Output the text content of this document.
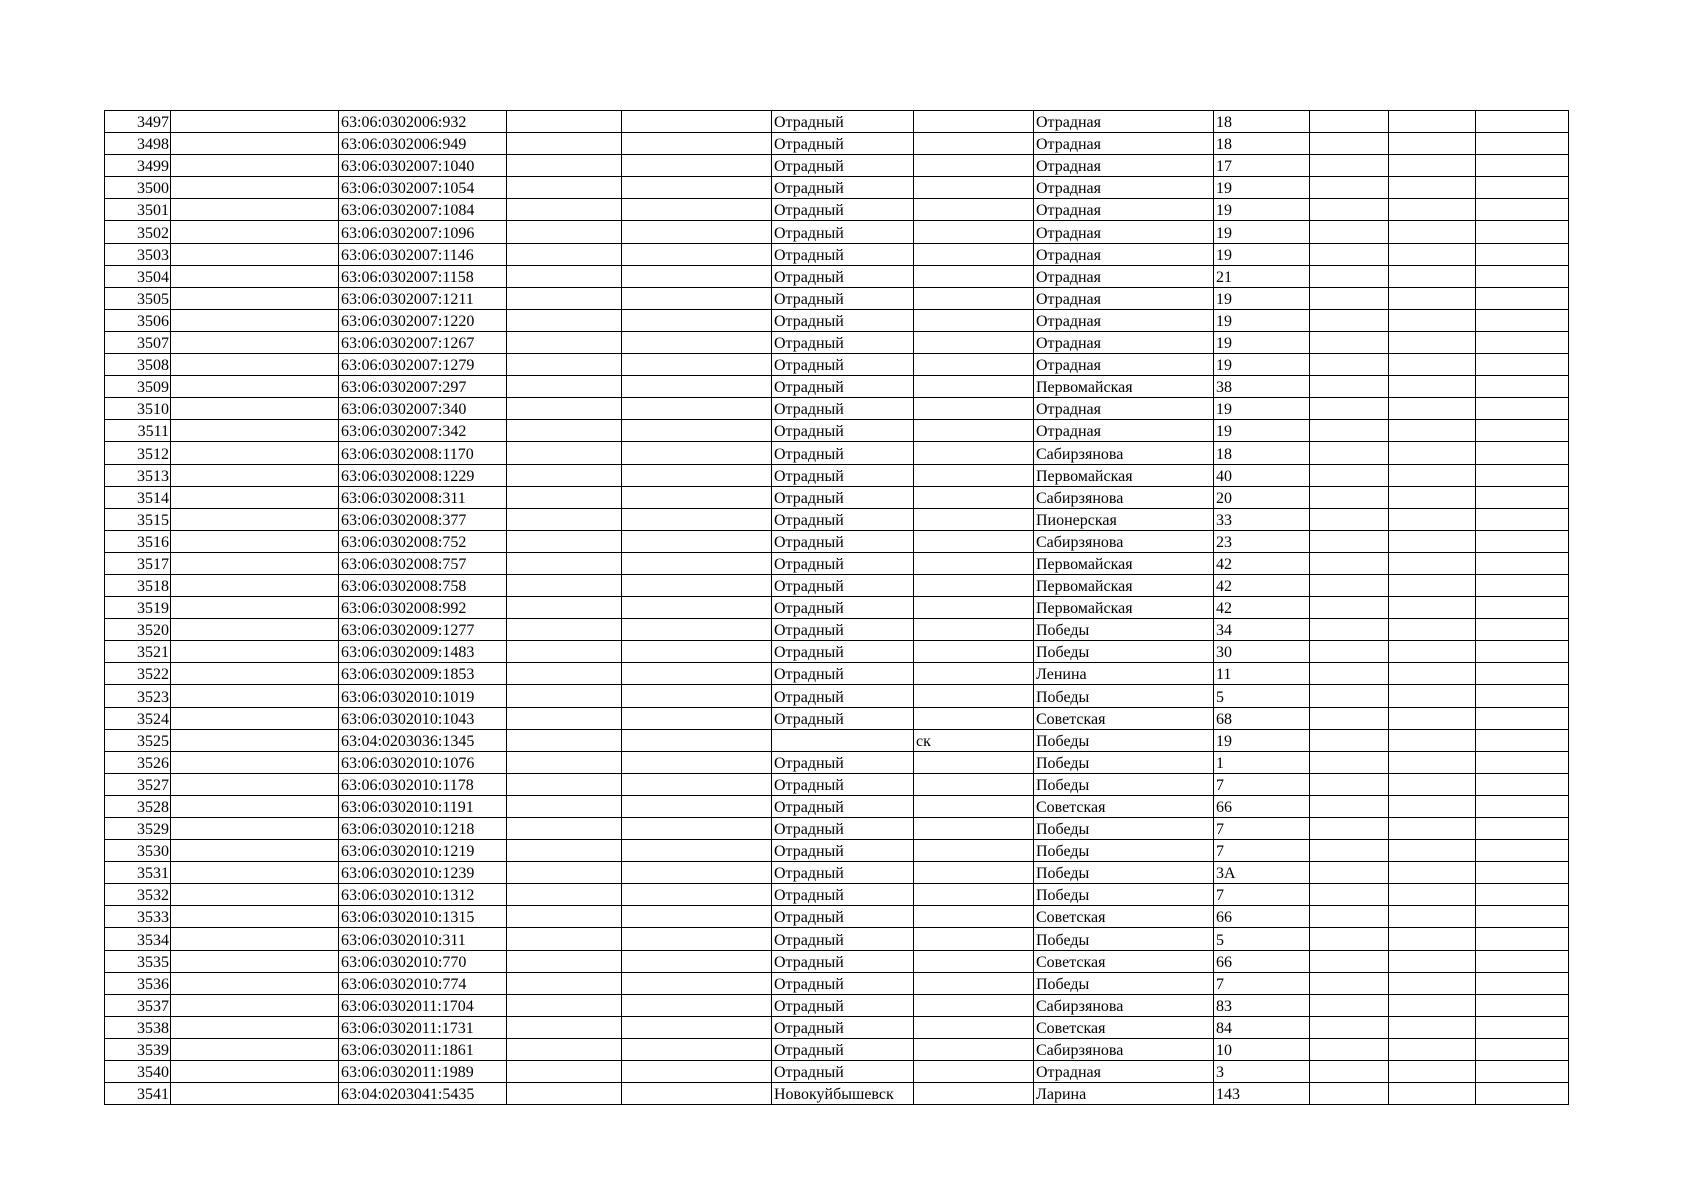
3497		63:06:0302006:932			Отрадный		Отрадная	18			
3498		63:06:0302006:949			Отрадный		Отрадная	18			
3499		63:06:0302007:1040			Отрадный		Отрадная	17			
3500		63:06:0302007:1054			Отрадный		Отрадная	19			
3501		63:06:0302007:1084			Отрадный		Отрадная	19			
3502		63:06:0302007:1096			Отрадный		Отрадная	19			
3503		63:06:0302007:1146			Отрадный		Отрадная	19			
3504		63:06:0302007:1158			Отрадный		Отрадная	21			
3505		63:06:0302007:1211			Отрадный		Отрадная	19			
3506		63:06:0302007:1220			Отрадный		Отрадная	19			
3507		63:06:0302007:1267			Отрадный		Отрадная	19			
3508		63:06:0302007:1279			Отрадный		Отрадная	19			
3509		63:06:0302007:297			Отрадный		Первомайская	38			
3510		63:06:0302007:340			Отрадный		Отрадная	19			
3511		63:06:0302007:342			Отрадный		Отрадная	19			
3512		63:06:0302008:1170			Отрадный		Сабирзянова	18			
3513		63:06:0302008:1229			Отрадный		Первомайская	40			
3514		63:06:0302008:311			Отрадный		Сабирзянова	20			
3515		63:06:0302008:377			Отрадный		Пионерская	33			
3516		63:06:0302008:752			Отрадный		Сабирзянова	23			
3517		63:06:0302008:757			Отрадный		Первомайская	42			
3518		63:06:0302008:758			Отрадный		Первомайская	42			
3519		63:06:0302008:992			Отрадный		Первомайская	42			
3520		63:06:0302009:1277			Отрадный		Победы	34			
3521		63:06:0302009:1483			Отрадный		Победы	30			
3522		63:06:0302009:1853			Отрадный		Ленина	11			
3523		63:06:0302010:1019			Отрадный		Победы	5			
3524		63:06:0302010:1043			Отрадный		Советская	68			
3525		63:04:0203036:1345				ск	Победы	19			
3526		63:06:0302010:1076			Отрадный		Победы	1			
3527		63:06:0302010:1178			Отрадный		Победы	7			
3528		63:06:0302010:1191			Отрадный		Советская	66			
3529		63:06:0302010:1218			Отрадный		Победы	7			
3530		63:06:0302010:1219			Отрадный		Победы	7			
3531		63:06:0302010:1239			Отрадный		Победы	3А			
3532		63:06:0302010:1312			Отрадный		Победы	7			
3533		63:06:0302010:1315			Отрадный		Советская	66			
3534		63:06:0302010:311			Отрадный		Победы	5			
3535		63:06:0302010:770			Отрадный		Советская	66			
3536		63:06:0302010:774			Отрадный		Победы	7			
3537		63:06:0302011:1704			Отрадный		Сабирзянова	83			
3538		63:06:0302011:1731			Отрадный		Советская	84			
3539		63:06:0302011:1861			Отрадный		Сабирзянова	10			
3540		63:06:0302011:1989			Отрадный		Отрадная	3			
3541		63:04:0203041:5435			Новокуйбышевск		Ларина	143			
